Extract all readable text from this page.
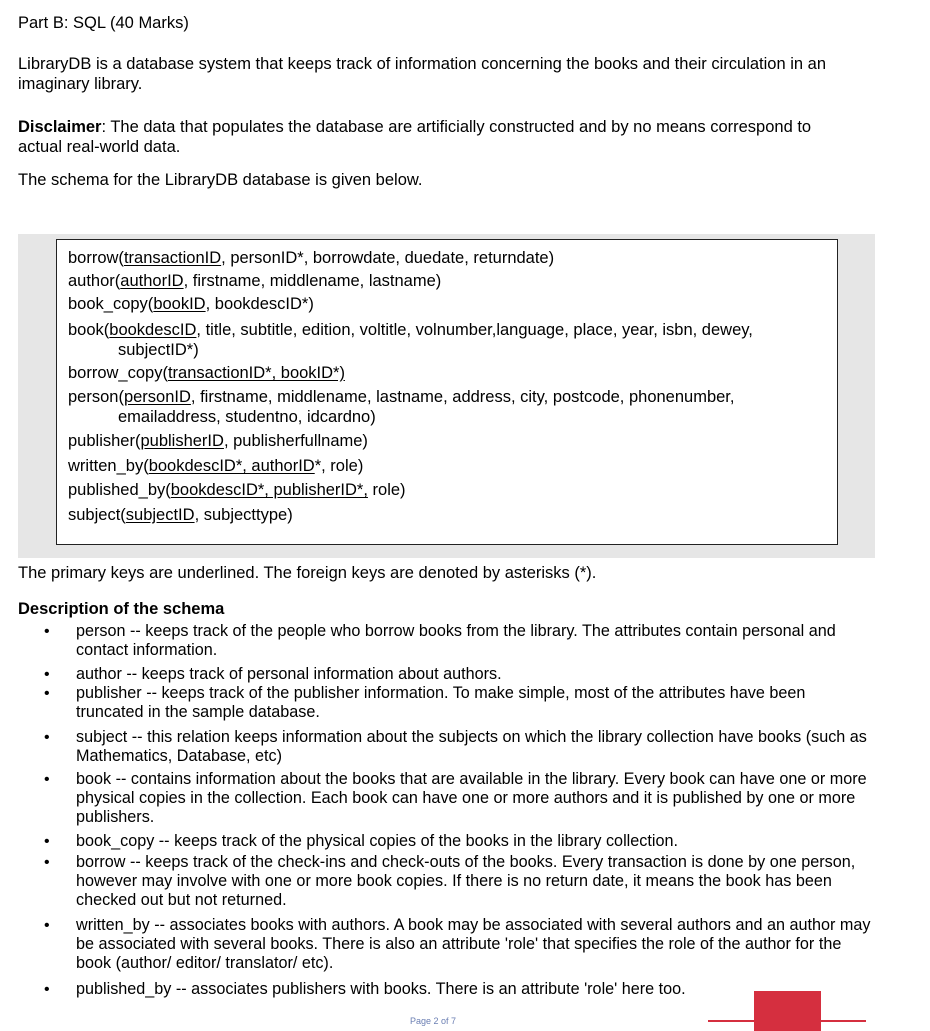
Part B: SQL (40 Marks)

LibraryDB is a database system that keeps track of information concerning the books and their circulation in an imaginary library.

Disclaimer: The data that populates the database are artificially constructed and by no means correspond to actual real-world data.

The schema for the LibraryDB database is given below.

borrow(transactionID, personID*, borrowdate, duedate, returndate)
author(authorID, firstname, middlename, lastname)
book_copy(bookID, bookdescID*)
book(bookdescID, title, subtitle, edition, voltitle, volnumber,language, place, year, isbn, dewey,
subjectID*)
borrow_copy(transactionID*, bookID*)
person(personID, firstname, middlename, lastname, address, city, postcode, phonenumber,
emailaddress, studentno, idcardno)
publisher(publisherID, publisherfullname)
written_by(bookdescID*, authorID*, role)
published_by(bookdescID*, publisherID*, role)
subject(subjectID, subjecttype)

The primary keys are underlined. The foreign keys are denoted by asterisks (*).

Description of the schema
• person -- keeps track of the people who borrow books from the library. The attributes contain personal and contact information.
• author -- keeps track of personal information about authors.
• publisher -- keeps track of the publisher information. To make simple, most of the attributes have been truncated in the sample database.
• subject -- this relation keeps information about the subjects on which the library collection have books (such as Mathematics, Database, etc)
• book -- contains information about the books that are available in the library. Every book can have one or more physical copies in the collection. Each book can have one or more authors and it is published by one or more publishers.
• book_copy -- keeps track of the physical copies of the books in the library collection.
• borrow -- keeps track of the check-ins and check-outs of the books. Every transaction is done by one person, however may involve with one or more book copies. If there is no return date, it means the book has been checked out but not returned.
• written_by -- associates books with authors. A book may be associated with several authors and an author may be associated with several books. There is also an attribute 'role' that specifies the role of the author for the book (author/ editor/ translator/ etc).
• published_by -- associates publishers with books. There is an attribute 'role' here too.
Page 2 of 7
